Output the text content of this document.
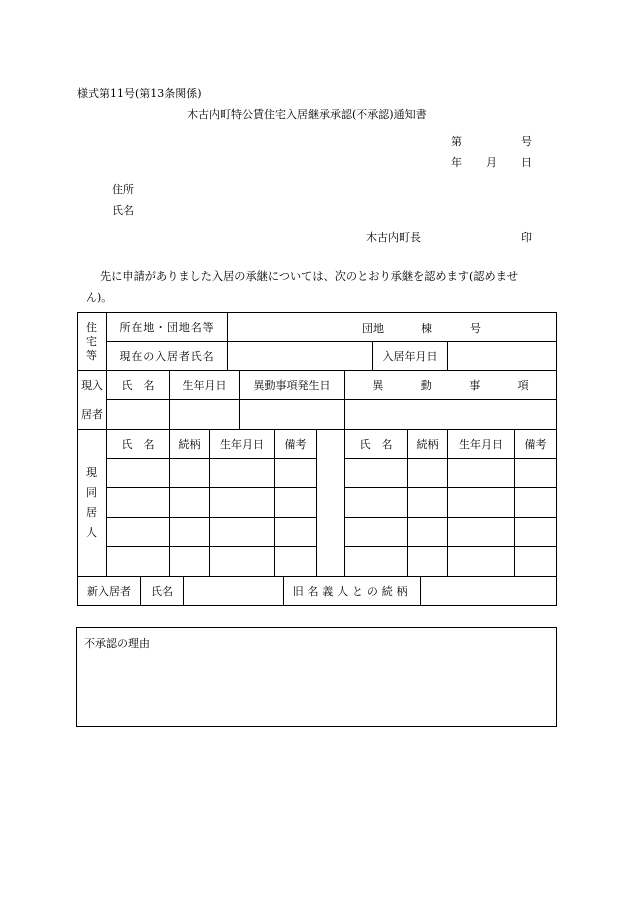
様式第11号(第13条関係)
木古内町特公賃住宅入居継承承認(不承認)通知書
第	号
年 月 日
住所
氏名
木古内町長	印
先に申請がありました入居の承継については、次のとおり承継を認めます(認めませ
ん)。
住
宅
等
所在地・団地名等	団地	棟	号
現在の入居者氏名	入居年月日
現入
居者
氏　名	生年月日	異動事項発生日	異　動　事　項
現
同
居
人
氏　名	続柄	生年月日	備考	氏　名	続柄	生年月日	備考
新入居者	氏名	旧名義人との続柄
不承認の理由
